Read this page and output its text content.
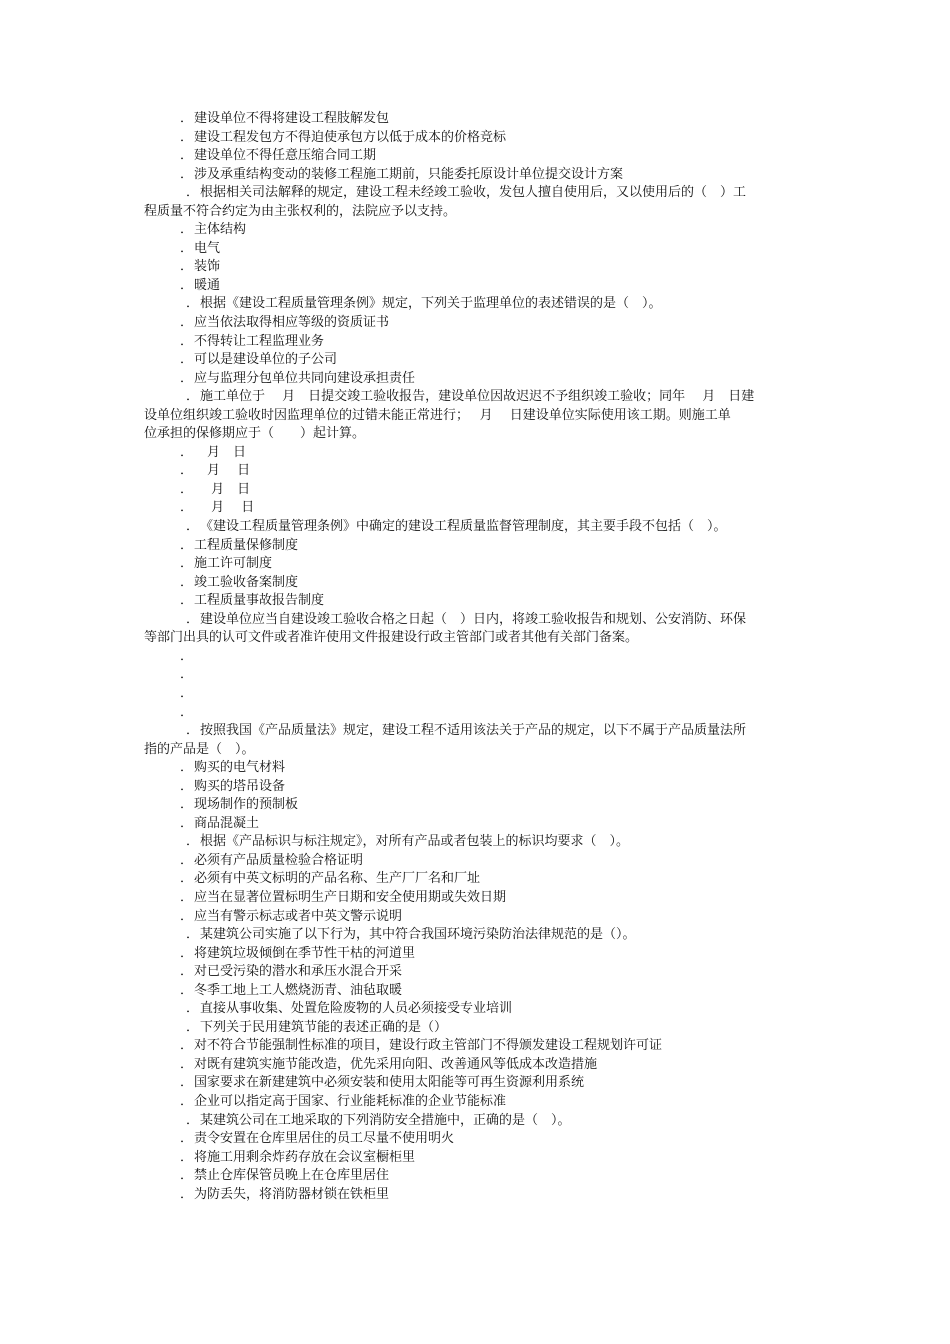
．建设单位不得将建设工程肢解发包
．建设工程发包方不得迫使承包方以低于成本的价格竞标
．建设单位不得任意压缩合同工期
．涉及承重结构变动的装修工程施工期前，只能委托原设计单位提交设计方案
．根据相关司法解释的规定，建设工程未经竣工验收，发包人擅自使用后，又以使用后的（　）工
程质量不符合约定为由主张权利的，法院应予以支持。
．主体结构
．电气
．装饰
．暖通
．根据《建设工程质量管理条例》规定，下列关于监理单位的表述错误的是（　）。
．应当依法取得相应等级的资质证书
．不得转让工程监理业务
．可以是建设单位的子公司
．应与监理分包单位共同向建设承担责任
．施工单位于　 月　日提交竣工验收报告，建设单位因故迟迟不予组织竣工验收；同年　 月　日建
设单位组织竣工验收时因监理单位的过错未能正常进行；　 月　 日建设单位实际使用该工期。则施工单
位承担的保修期应于（　　）起计算。
．　月　日
．　月　 日
．　 月　日
．　 月　 日
．《建设工程质量管理条例》中确定的建设工程质量监督管理制度，其主要手段不包括（　）。
．工程质量保修制度
．施工许可制度
．竣工验收备案制度
．工程质量事故报告制度
．建设单位应当自建设竣工验收合格之日起（　）日内，将竣工验收报告和规划、公安消防、环保
等部门出具的认可文件或者准许使用文件报建设行政主管部门或者其他有关部门备案。
．
．
．
．
．按照我国《产品质量法》规定，建设工程不适用该法关于产品的规定，以下不属于产品质量法所
指的产品是（　）。
．购买的电气材料
．购买的塔吊设备
．现场制作的预制板
．商品混凝土
．根据《产品标识与标注规定》，对所有产品或者包装上的标识均要求（　）。
．必须有产品质量检验合格证明
．必须有中英文标明的产品名称、生产厂厂名和厂址
．应当在显著位置标明生产日期和安全使用期或失效日期
．应当有警示标志或者中英文警示说明
．某建筑公司实施了以下行为，其中符合我国环境污染防治法律规范的是（）。
．将建筑垃圾倾倒在季节性干枯的河道里
．对已受污染的潜水和承压水混合开采
．冬季工地上工人燃烧沥青、油毡取暖
．直接从事收集、处置危险废物的人员必须接受专业培训
．下列关于民用建筑节能的表述正确的是（）
．对不符合节能强制性标准的项目，建设行政主管部门不得颁发建设工程规划许可证
．对既有建筑实施节能改造，优先采用向阳、改善通风等低成本改造措施
．国家要求在新建建筑中必须安装和使用太阳能等可再生资源利用系统
．企业可以指定高于国家、行业能耗标准的企业节能标准
．某建筑公司在工地采取的下列消防安全措施中，正确的是（　）。
．责令安置在仓库里居住的员工尽量不使用明火
．将施工用剩余炸药存放在会议室橱柜里
．禁止仓库保管员晚上在仓库里居住
．为防丢失，将消防器材锁在铁柜里
